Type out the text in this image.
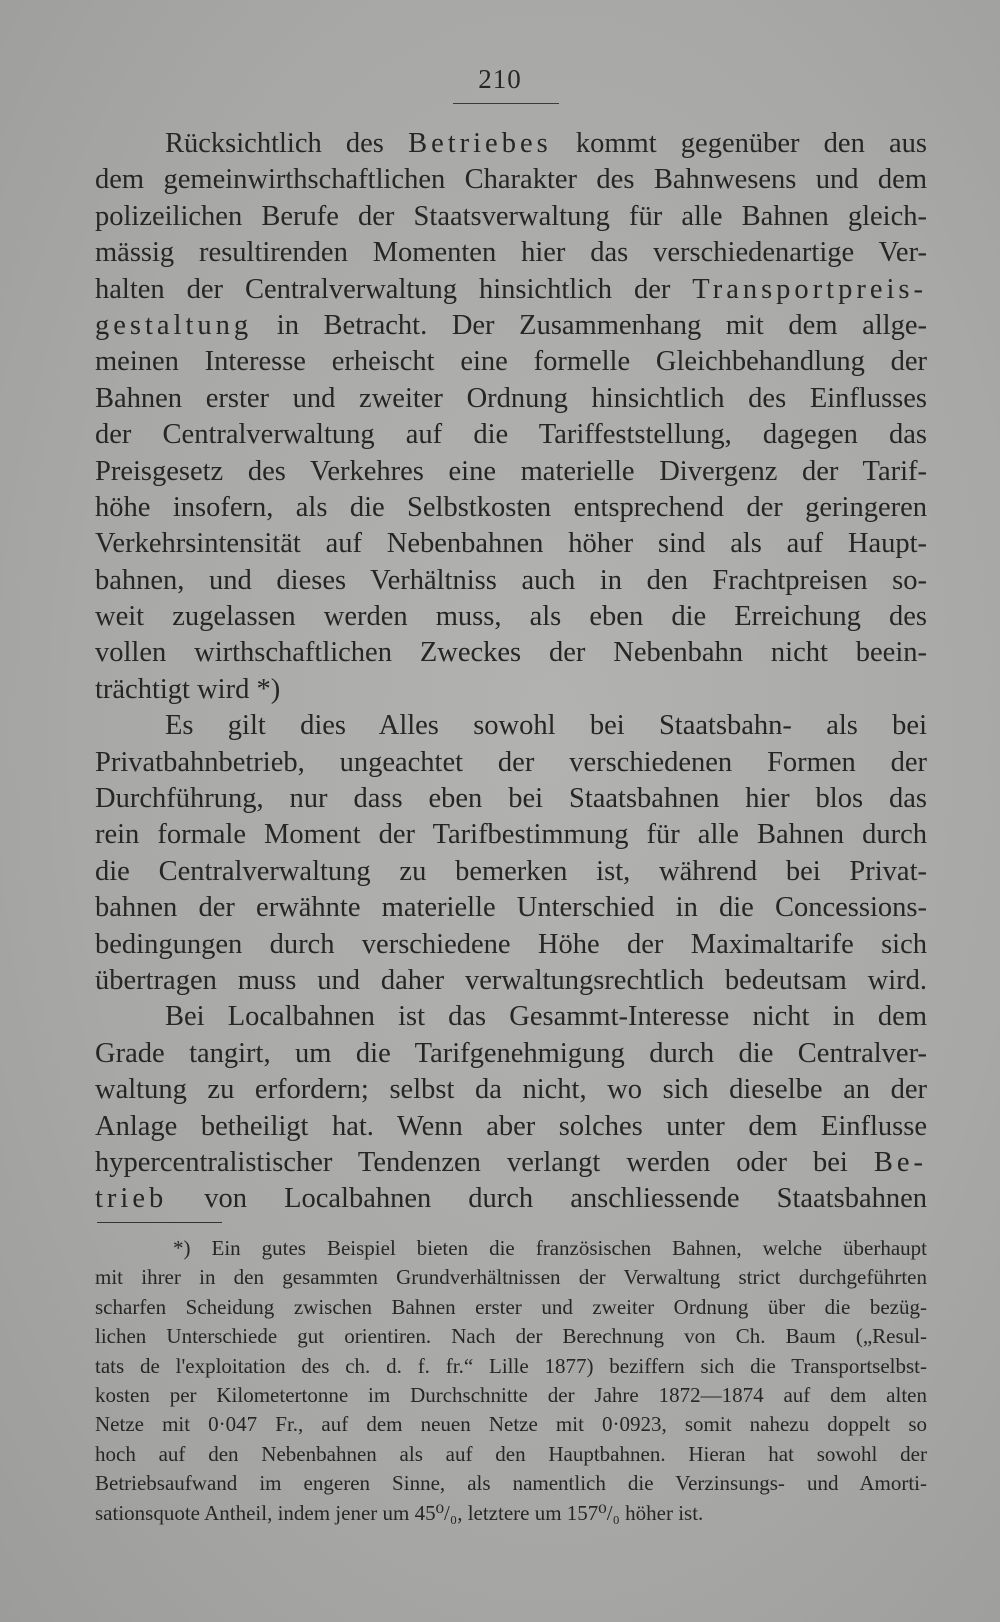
210
Rücksichtlich des Betriebes kommt gegenüber den aus
dem gemeinwirthschaftlichen Charakter des Bahnwesens und dem
polizeilichen Berufe der Staatsverwaltung für alle Bahnen gleich-
mässig resultirenden Momenten hier das verschiedenartige Ver-
halten der Centralverwaltung hinsichtlich der Transportpreis-
gestaltung in Betracht. Der Zusammenhang mit dem allge-
meinen Interesse erheischt eine formelle Gleichbehandlung der
Bahnen erster und zweiter Ordnung hinsichtlich des Einflusses
der Centralverwaltung auf die Tariffeststellung, dagegen das
Preisgesetz des Verkehres eine materielle Divergenz der Tarif-
höhe insofern, als die Selbstkosten entsprechend der geringeren
Verkehrsintensität auf Nebenbahnen höher sind als auf Haupt-
bahnen, und dieses Verhältniss auch in den Frachtpreisen so-
weit zugelassen werden muss, als eben die Erreichung des
vollen wirthschaftlichen Zweckes der Nebenbahn nicht beein-
trächtigt wird *)
Es gilt dies Alles sowohl bei Staatsbahn- als bei
Privatbahnbetrieb, ungeachtet der verschiedenen Formen der
Durchführung, nur dass eben bei Staatsbahnen hier blos das
rein formale Moment der Tarifbestimmung für alle Bahnen durch
die Centralverwaltung zu bemerken ist, während bei Privat-
bahnen der erwähnte materielle Unterschied in die Concessions-
bedingungen durch verschiedene Höhe der Maximaltarife sich
übertragen muss und daher verwaltungsrechtlich bedeutsam wird.
Bei Localbahnen ist das Gesammt-Interesse nicht in dem
Grade tangirt, um die Tarifgenehmigung durch die Centralver-
waltung zu erfordern; selbst da nicht, wo sich dieselbe an der
Anlage betheiligt hat. Wenn aber solches unter dem Einflusse
hypercentralistischer Tendenzen verlangt werden oder bei Be-
trieb von Localbahnen durch anschliessende Staatsbahnen
*) Ein gutes Beispiel bieten die französischen Bahnen, welche überhaupt
mit ihrer in den gesammten Grundverhältnissen der Verwaltung strict durchgeführten
scharfen Scheidung zwischen Bahnen erster und zweiter Ordnung über die bezüg-
lichen Unterschiede gut orientiren. Nach der Berechnung von Ch. Baum („Resul-
tats de l'exploitation des ch. d. f. fr.“ Lille 1877) beziffern sich die Transportselbst-
kosten per Kilometertonne im Durchschnitte der Jahre 1872—1874 auf dem alten
Netze mit 0·047 Fr., auf dem neuen Netze mit 0·0923, somit nahezu doppelt so
hoch auf den Nebenbahnen als auf den Hauptbahnen. Hieran hat sowohl der
Betriebsaufwand im engeren Sinne, als namentlich die Verzinsungs- und Amorti-
sationsquote Antheil, indem jener um 45⁰/₀, letztere um 157⁰/₀ höher ist.
